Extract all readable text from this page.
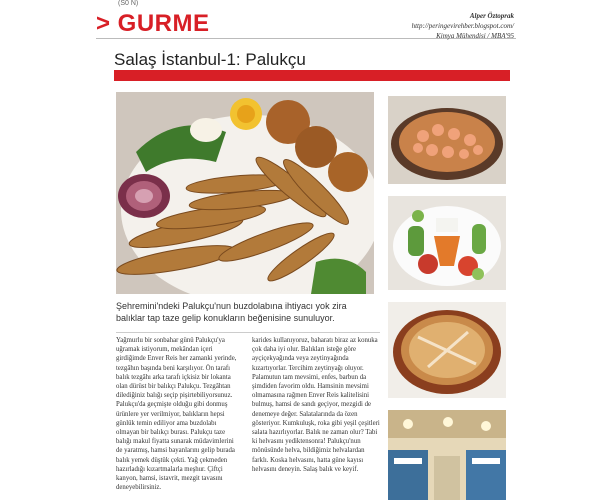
(S0 N)
> GURME	Alper Öztoprak
http://peringevirehber.blogspot.com/
Kimya Mühendisi / MBA'95
Salaş İstanbul-1: Palukçu
Şehremini'ndeki Palukçu'nun buzdolabına ihtiyacı yok zira balıklar tap taze gelip konukların beğenisine sunuluyor.

Yağmurlu bir sonbahar günü Palukçu'ya uğramak istiyorum, mekândan içeri girdiğimde Enver Reis her zamanki yerinde, tezgâhın başında beni karşılıyor. Ön tarafı balık tezgâhı arka tarafı içkisiz bir lokanta olan dürüst bir balıkçı Palukçu. Tezgâhtan dilediğiniz balığı seçip pişirtebiliyorsunuz. Palukçu'da geçmişte olduğu gibi donmuş ürünlere yer verilmiyor, balıkların hepsi günlük temin ediliyor ama buzdolabı olmayan bir balıkçı burası. Palukçu taze balığı makul fiyatta sunarak müdavimlerini de yaratmış, hamsi bayanlarını gelip burada balık yemek düştük çekti. Yağ çekmeden hazırladığı kızartmalarla meşhur. Çiftçi kanyon, hamsi, istavrit, mezgit tavasını deneyebilirsiniz.

karides kullanıyoruz, baharatı biraz az konuka çok daha iyi olur. Balıkları isteğe göre ayçiçekyağında veya zeytinyağında kızartıyorlar. Tercihim zeytinyağı oluyor. Palamutun tam mevsimi, enfes, barbun da şimdiden favorim oldu. Hamsinin mevsimi olmamasına rağmen Enver Reis kalitelisini bulmuş, hamsi de sandı geçiyor, mezgidi de denemeye değer. Salatalarında da özen gösteriyor. Kumkuluşk, roka gibi yeşil çeşitleri salata hazırlıyorlar. Balık ne zaman olur? Tabi ki helvasını yediktensonra! Palukçu'nun mönüsünde helva, bildiğimiz helvalardan farklı. Koska helvasını, hatta güne kayısı helvasını deneyin. Salaş balık ve keyif.
